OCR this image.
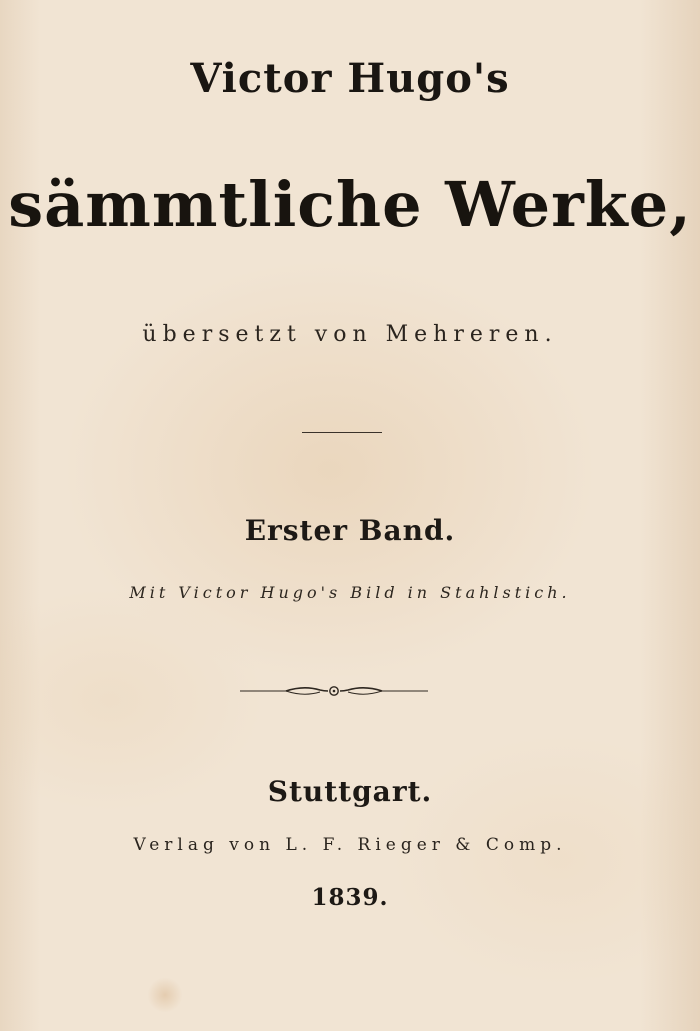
Victor Hugo's
sämmtliche Werke,
übersetzt von Mehreren.
Erster Band.
Mit Victor Hugo's Bild in Stahlstich.
Stuttgart.
Verlag von L. F. Rieger & Comp.
1839.
